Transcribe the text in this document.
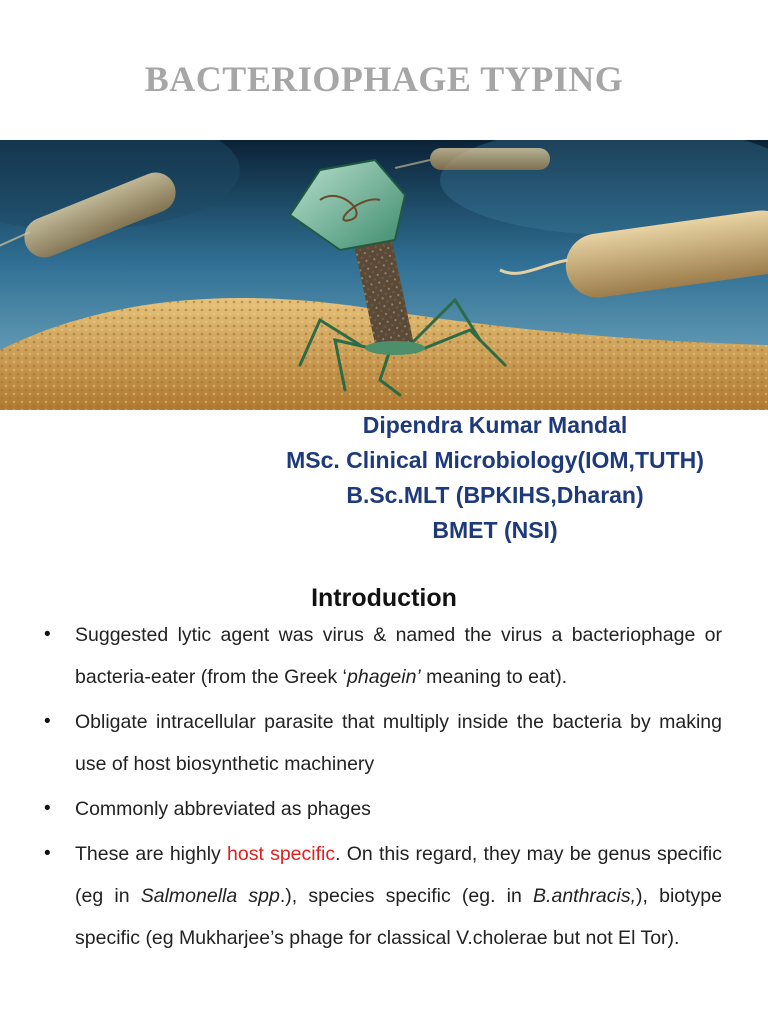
BACTERIOPHAGE TYPING
Dipendra Kumar Mandal
MSc. Clinical Microbiology(IOM,TUTH)
B.Sc.MLT (BPKIHS,Dharan)
BMET (NSI)
Introduction
• Suggested lytic agent was virus & named the virus a bacteriophage or bacteria-eater (from the Greek ‘phagein’ meaning to eat).
• Obligate intracellular parasite that multiply inside the bacteria by making use of host biosynthetic machinery
• Commonly abbreviated as phages
• These are highly host specific. On this regard, they may be genus specific (eg in Salmonella spp.), species specific (eg. in B.anthracis,), biotype specific (eg Mukharjee’s phage for classical V.cholerae but not El Tor).
